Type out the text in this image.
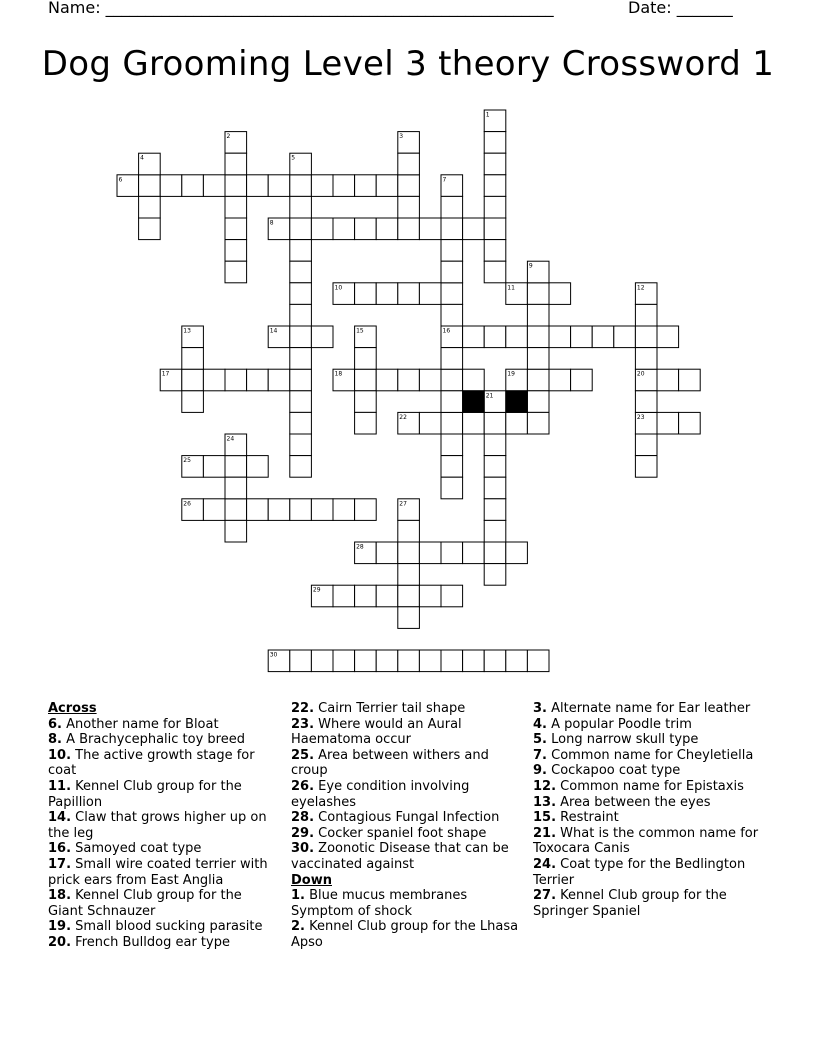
Name: ________________________________________________________	Date: _______
Dog Grooming Level 3 theory Crossword 1
6
8
10	11
14	16
17	18	19	20
22	23
25
26
28
29
30
1
2	3
4	5
7
9
12
13	15
21
24
27
Across
6. Another name for Bloat
8. A Brachycephalic toy breed
10. The active growth stage for coat
11. Kennel Club group for the Papillion
14. Claw that grows higher up on the leg
16. Samoyed coat type
17. Small wire coated terrier with prick ears from East Anglia
18. Kennel Club group for the Giant Schnauzer
19. Small blood sucking parasite
20. French Bulldog ear type
22. Cairn Terrier tail shape
23. Where would an Aural Haematoma occur
25. Area between withers and croup
26. Eye condition involving eyelashes
28. Contagious Fungal Infection
29. Cocker spaniel foot shape
30. Zoonotic Disease that can be vaccinated against
Down
1. Blue mucus membranes Symptom of shock
2. Kennel Club group for the Lhasa Apso
3. Alternate name for Ear leather
4. A popular Poodle trim
5. Long narrow skull type
7. Common name for Cheyletiella
9. Cockapoo coat type
12. Common name for Epistaxis
13. Area between the eyes
15. Restraint
21. What is the common name for Toxocara Canis
24. Coat type for the Bedlington Terrier
27. Kennel Club group for the Springer Spaniel
